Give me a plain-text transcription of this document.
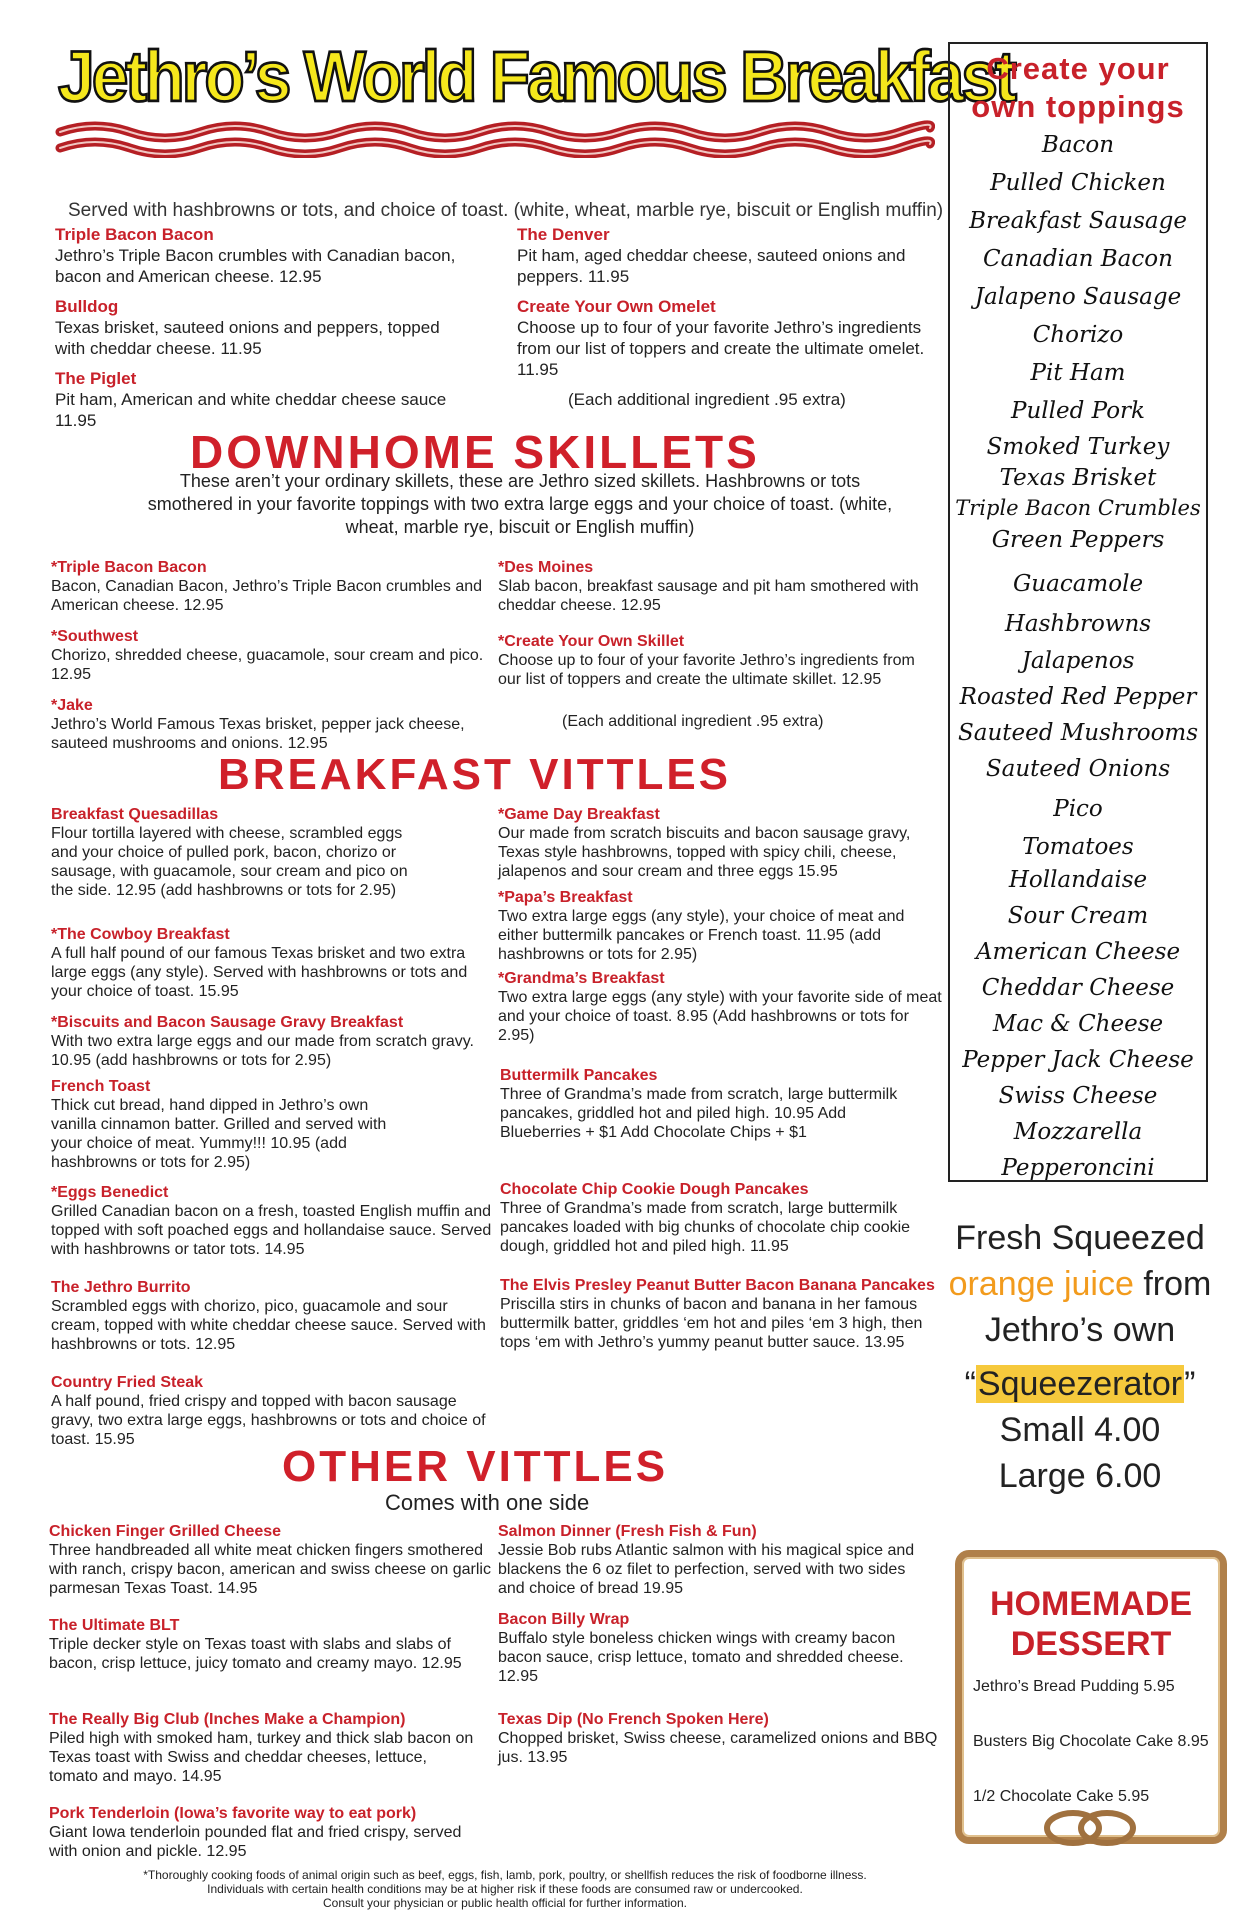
Jethro’s World Famous Breakfast
Served with hashbrowns or tots, and choice of toast. (white, wheat, marble rye, biscuit or English muffin)
Triple Bacon Bacon
Jethro’s Triple Bacon crumbles with Canadian bacon, bacon and American cheese. 12.95
Bulldog
Texas brisket, sauteed onions and peppers, topped with cheddar cheese. 11.95
The Piglet
Pit ham, American and white cheddar cheese sauce 11.95
The Denver
Pit ham, aged cheddar cheese, sauteed onions and peppers. 11.95
Create Your Own Omelet
Choose up to four of your favorite Jethro’s ingredients from our list of toppers and create the ultimate omelet. 11.95
(Each additional ingredient .95 extra)
DOWNHOME SKILLETS
These aren’t your ordinary skillets, these are Jethro sized skillets. Hashbrowns or tots smothered in your favorite toppings with two extra large eggs and your choice of toast. (white, wheat, marble rye, biscuit or English muffin)
*Triple Bacon Bacon
Bacon, Canadian Bacon, Jethro’s Triple Bacon crumbles and American cheese. 12.95
*Southwest
Chorizo, shredded cheese, guacamole, sour cream and pico. 12.95
*Jake
Jethro’s World Famous Texas brisket, pepper jack cheese, sauteed mushrooms and onions. 12.95
*Des Moines
Slab bacon, breakfast sausage and pit ham smothered with cheddar cheese. 12.95
*Create Your Own Skillet
Choose up to four of your favorite Jethro’s ingredients from our list of toppers and create the ultimate skillet. 12.95
(Each additional ingredient .95 extra)
BREAKFAST VITTLES
Breakfast Quesadillas
Flour tortilla layered with cheese, scrambled eggs and your choice of pulled pork, bacon, chorizo or sausage, with guacamole, sour cream and pico on the side. 12.95 (add hashbrowns or tots for 2.95)
*The Cowboy Breakfast
A full half pound of our famous Texas brisket and two extra large eggs (any style). Served with hashbrowns or tots and your choice of toast. 15.95
*Biscuits and Bacon Sausage Gravy Breakfast
With two extra large eggs and our made from scratch gravy. 10.95 (add hashbrowns or tots for 2.95)
French Toast
Thick cut bread, hand dipped in Jethro’s own vanilla cinnamon batter. Grilled and served with your choice of meat. Yummy!!! 10.95 (add hashbrowns or tots for 2.95)
*Eggs Benedict
Grilled Canadian bacon on a fresh, toasted English muffin and topped with soft poached eggs and hollandaise sauce. Served with hashbrowns or tator tots. 14.95
The Jethro Burrito
Scrambled eggs with chorizo, pico, guacamole and sour cream, topped with white cheddar cheese sauce. Served with hashbrowns or tots. 12.95
Country Fried Steak
A half pound, fried crispy and topped with bacon sausage gravy, two extra large eggs, hashbrowns or tots and choice of toast. 15.95
*Game Day Breakfast
Our made from scratch biscuits and bacon sausage gravy, Texas style hashbrowns, topped with spicy chili, cheese, jalapenos and sour cream and three eggs 15.95
*Papa’s Breakfast
Two extra large eggs (any style), your choice of meat and either buttermilk pancakes or French toast. 11.95 (add hashbrowns or tots for 2.95)
*Grandma’s Breakfast
Two extra large eggs (any style) with your favorite side of meat and your choice of toast. 8.95 (Add hashbrowns or tots for 2.95)
Buttermilk Pancakes
Three of Grandma’s made from scratch, large buttermilk pancakes, griddled hot and piled high. 10.95 Add Blueberries + $1 Add Chocolate Chips + $1
Chocolate Chip Cookie Dough Pancakes
Three of Grandma’s made from scratch, large buttermilk pancakes loaded with big chunks of chocolate chip cookie dough, griddled hot and piled high. 11.95
The Elvis Presley Peanut Butter Bacon Banana Pancakes
Priscilla stirs in chunks of bacon and banana in her famous buttermilk batter, griddles ‘em hot and piles ‘em 3 high, then tops ‘em with Jethro’s yummy peanut butter sauce. 13.95
OTHER VITTLES
Comes with one side
Chicken Finger Grilled Cheese
Three handbreaded all white meat chicken fingers smothered with ranch, crispy bacon, american and swiss cheese on garlic parmesan Texas Toast. 14.95
The Ultimate BLT
Triple decker style on Texas toast with slabs and slabs of bacon, crisp lettuce, juicy tomato and creamy mayo. 12.95
The Really Big Club (Inches Make a Champion)
Piled high with smoked ham, turkey and thick slab bacon on Texas toast with Swiss and cheddar cheeses, lettuce, tomato and mayo. 14.95
Pork Tenderloin (Iowa’s favorite way to eat pork)
Giant Iowa tenderloin pounded flat and fried crispy, served with onion and pickle. 12.95
Salmon Dinner (Fresh Fish & Fun)
Jessie Bob rubs Atlantic salmon with his magical spice and blackens the 6 oz filet to perfection, served with two sides and choice of bread 19.95
Bacon Billy Wrap
Buffalo style boneless chicken wings with creamy bacon bacon sauce, crisp lettuce, tomato and shredded cheese. 12.95
Texas Dip (No French Spoken Here)
Chopped brisket, Swiss cheese, caramelized onions and BBQ jus. 13.95
Create your own toppings
Bacon
Pulled Chicken
Breakfast Sausage
Canadian Bacon
Jalapeno Sausage
Chorizo
Pit Ham
Pulled Pork
Smoked Turkey
Texas Brisket
Triple Bacon Crumbles
Green Peppers
Guacamole
Hashbrowns
Jalapenos
Roasted Red Pepper
Sauteed Mushrooms
Sauteed Onions
Pico
Tomatoes
Hollandaise
Sour Cream
American Cheese
Cheddar Cheese
Mac & Cheese
Pepper Jack Cheese
Swiss Cheese
Mozzarella
Pepperoncini
Fresh Squeezed
orange juice from
Jethro’s own
“Squeezerator”
Small 4.00
Large 6.00
HOMEMADE DESSERT
Jethro’s Bread Pudding 5.95
Busters Big Chocolate Cake 8.95
1/2 Chocolate Cake 5.95
*Thoroughly cooking foods of animal origin such as beef, eggs, fish, lamb, pork, poultry, or shellfish reduces the risk of foodborne illness.
Individuals with certain health conditions may be at higher risk if these foods are consumed raw or undercooked.
Consult your physician or public health official for further information.
